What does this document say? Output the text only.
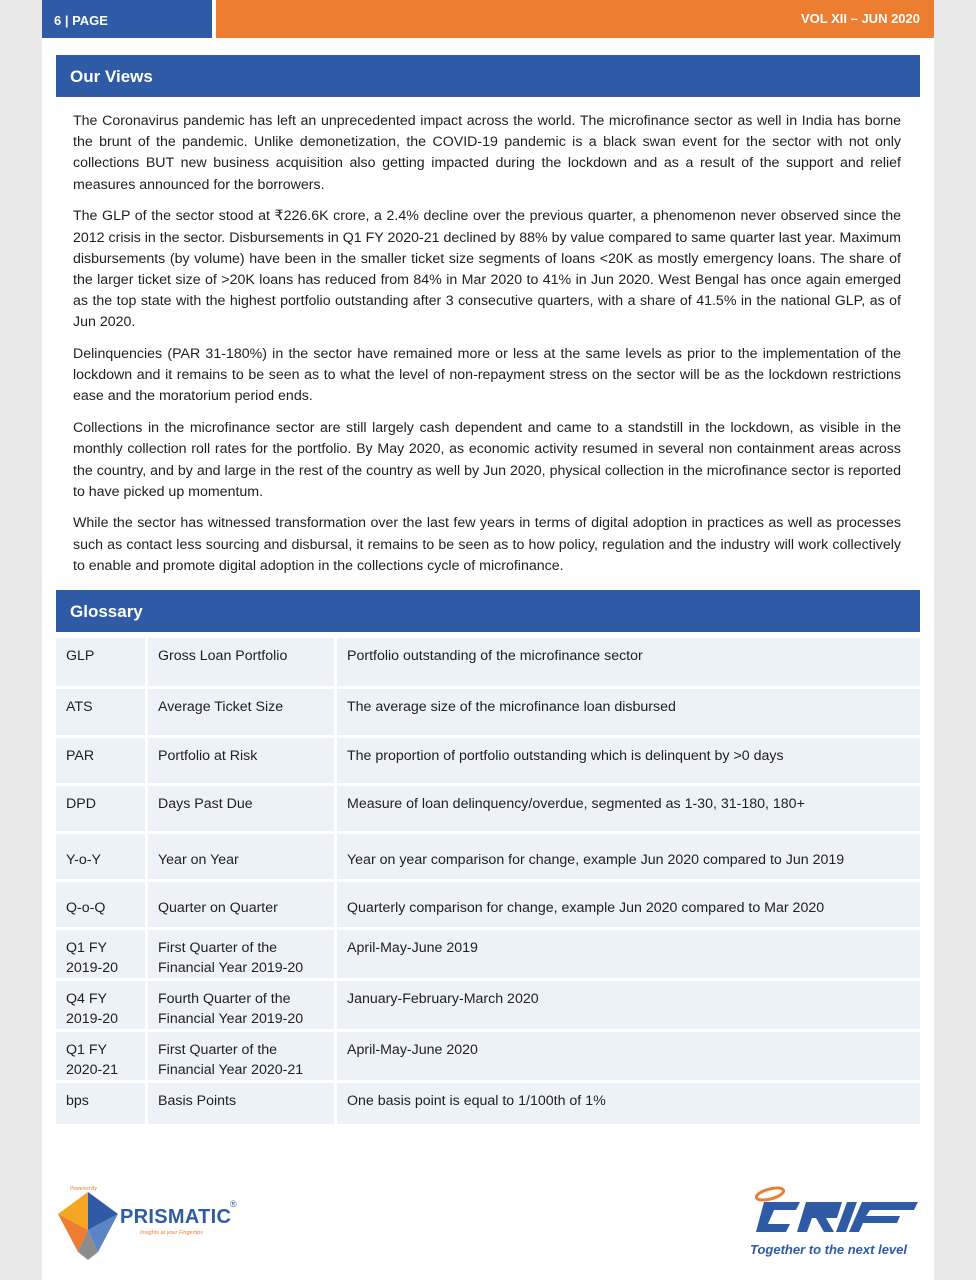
6 | PAGE	VOL XII – JUN 2020
Our Views

The Coronavirus pandemic has left an unprecedented impact across the world. The microfinance sector as well in India has borne the brunt of the pandemic. Unlike demonetization, the COVID-19 pandemic is a black swan event for the sector with not only collections BUT new business acquisition also getting impacted during the lockdown and as a result of the support and relief measures announced for the borrowers.

The GLP of the sector stood at ₹226.6K crore, a 2.4% decline over the previous quarter, a phenomenon never observed since the 2012 crisis in the sector. Disbursements in Q1 FY 2020-21 declined by 88% by value compared to same quarter last year. Maximum disbursements (by volume) have been in the smaller ticket size segments of loans <20K as mostly emergency loans. The share of the larger ticket size of >20K loans has reduced from 84% in Mar 2020 to 41% in Jun 2020. West Bengal has once again emerged as the top state with the highest portfolio outstanding after 3 consecutive quarters, with a share of 41.5% in the national GLP, as of Jun 2020.

Delinquencies (PAR 31-180%) in the sector have remained more or less at the same levels as prior to the implementation of the lockdown and it remains to be seen as to what the level of non-repayment stress on the sector will be as the lockdown restrictions ease and the moratorium period ends.

Collections in the microfinance sector are still largely cash dependent and came to a standstill in the lockdown, as visible in the monthly collection roll rates for the portfolio. By May 2020, as economic activity resumed in several non containment areas across the country, and by and large in the rest of the country as well by Jun 2020, physical collection in the microfinance sector is reported to have picked up momentum.

While the sector has witnessed transformation over the last few years in terms of digital adoption in practices as well as processes such as contact less sourcing and disbursal, it remains to be seen as to how policy, regulation and the industry will work collectively to enable and promote digital adoption in the collections cycle of microfinance.

Glossary
GLP	Gross Loan Portfolio	Portfolio outstanding of the microfinance sector
ATS	Average Ticket Size	The average size of the microfinance loan disbursed
PAR	Portfolio at Risk	The proportion of portfolio outstanding which is delinquent by >0 days
DPD	Days Past Due	Measure of loan delinquency/overdue, segmented as 1-30, 31-180, 180+
Y-o-Y	Year on Year	Year on year comparison for change, example Jun 2020 compared to Jun 2019
Q-o-Q	Quarter on Quarter	Quarterly comparison for change, example Jun 2020 compared to Mar 2020
Q1 FY 2019-20	First Quarter of the Financial Year 2019-20	April-May-June 2019
Q4 FY 2019-20	Fourth Quarter of the Financial Year 2019-20	January-February-March 2020
Q1 FY 2020-21	First Quarter of the Financial Year 2020-21	April-May-June 2020
bps	Basis Points	One basis point is equal to 1/100th of 1%
Powered By
PRISMATIC
®
Insights at your Fingertips
Together to the next level
